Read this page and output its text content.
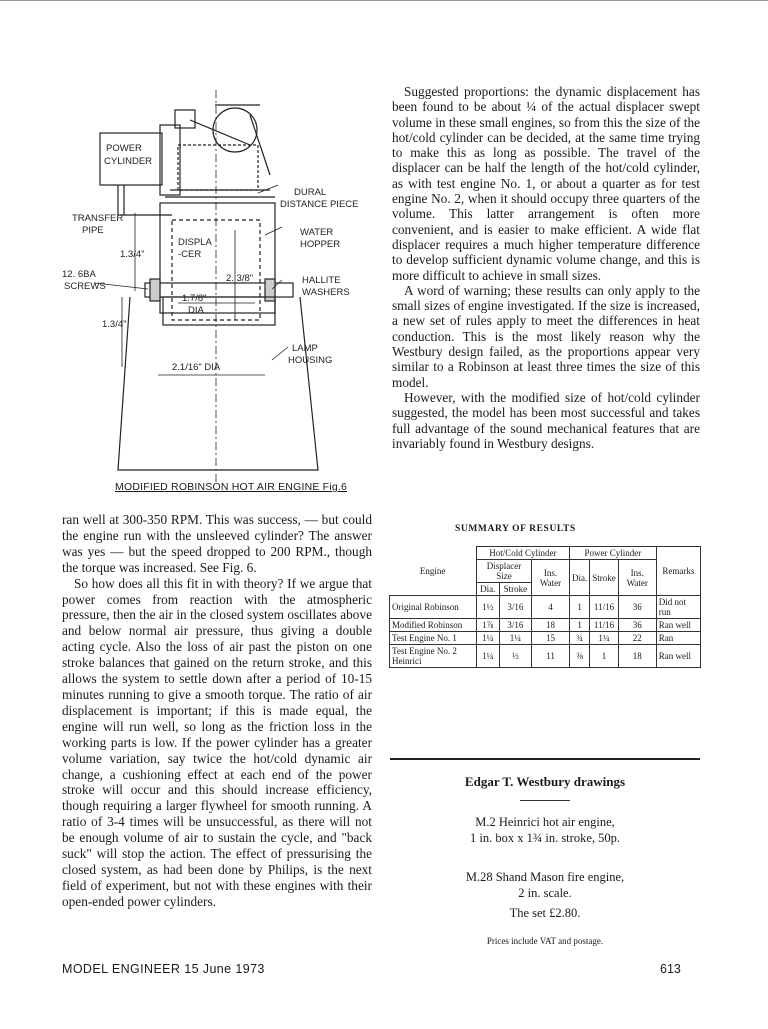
POWER
CYLINDER
DURAL
DISTANCE PIECE
TRANSFER
PIPE	WATER
HOPPER
DISPLA
-CER
1.3/4"
12. 6BA
SCREWS
2. 3/8"	HALLITE
WASHERS
1.7/8"
DIA
1.3/4"
LAMP
HOUSING
2.1/16" DIA
MODIFIED ROBINSON HOT AIR ENGINE Fig.6

ran well at 300-350 RPM. This was success, — but could the engine run with the unsleeved cylinder? The answer was yes — but the speed dropped to 200 RPM., though the torque was increased. See Fig. 6.

So how does all this fit in with theory? If we argue that power comes from reaction with the atmospheric pressure, then the air in the closed system oscillates above and below normal air pressure, thus giving a double acting cycle. Also the loss of air past the piston on one stroke balances that gained on the return stroke, and this allows the system to settle down after a period of 10-15 minutes running to give a smooth torque. The ratio of air displacement is important; if this is made equal, the engine will run well, so long as the friction loss in the working parts is low. If the power cylinder has a greater volume variation, say twice the hot/cold dynamic air change, a cushioning effect at each end of the power stroke will occur and this should increase efficiency, though requiring a larger flywheel for smooth running. A ratio of 3-4 times will be unsuccessful, as there will not be enough volume of air to sustain the cycle, and "back suck" will stop the action. The effect of pressurising the closed system, as had been done by Philips, is the next field of experiment, but not with these engines with their open-ended power cylinders.

Suggested proportions: the dynamic displacement has been found to be about ¼ of the actual displacer swept volume in these small engines, so from this the size of the hot/cold cylinder can be decided, at the same time trying to make this as long as possible. The travel of the displacer can be half the length of the hot/cold cylinder, as with test engine No. 1, or about a quarter as for test engine No. 2, when it should occupy three quarters of the volume. This latter arrangement is often more convenient, and is easier to make efficient. A wide flat displacer requires a much higher temperature difference to develop sufficient dynamic volume change, and this is more difficult to achieve in small sizes.

A word of warning; these results can only apply to the small sizes of engine investigated. If the size is increased, a new set of rules apply to meet the differences in heat conduction. This is the most likely reason why the Westbury design failed, as the proportions appear very similar to a Robinson at least three times the size of this model.

However, with the modified size of hot/cold cylinder suggested, the model has been most successful and takes full advantage of the sound mechanical features that are invariably found in Westbury designs.

SUMMARY OF RESULTS
Engine	Hot/Cold Cylinder			Power Cylinder			Remarks
	Displacer Size		Ins. Water	Dia.	Stroke	Ins. Water	
	Dia.	Stroke					
Original Robinson	1½	3/16	4	1	11/16	36	Did not run
Modified Robinson	1⅞	3/16	18	1	11/16	36	Ran well
Test Engine No. 1	1¼	1¼	15	¾	1¼	22	Ran
Test Engine No. 2 Heinrici	1¼	½	11	⅜	1	18	Ran well
Edgar T. Westbury drawings
M.2 Heinrici hot air engine,
1 in. box x 1¾ in. stroke, 50p.
M.28 Shand Mason fire engine,
2 in. scale.
The set £2.80.
Prices include VAT and postage.
MODEL ENGINEER 15 June 1973	613
